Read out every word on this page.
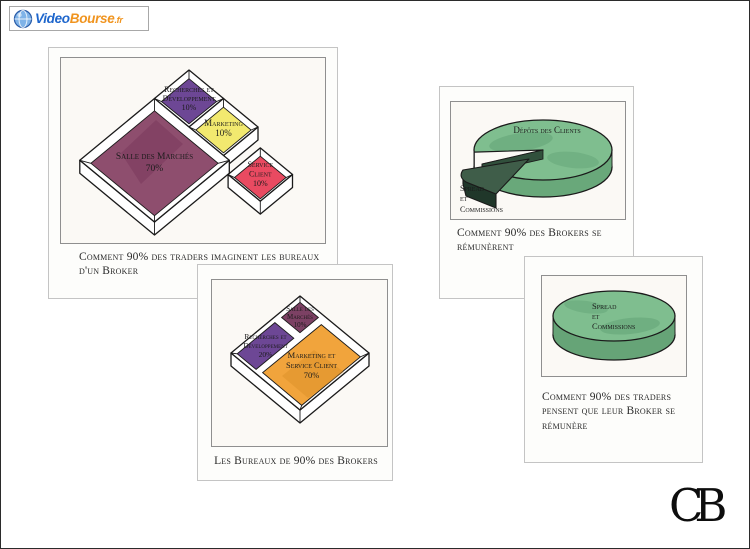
VideoBourse.fr
Recherches et
Développement
10%
Marketing
10%
Salle des Marchés
70%	Service
Client
10%

Comment 90% des traders imaginent les bureaux
d'un Broker

Dépôts des Clients
Spread
et
Commissions

Comment 90% des Brokers se
rémunèrent

Salle des
Marchés
10%
Recherches et
Développement
20% Marketing et
Service Client
70%

Les Bureaux de 90% des Brokers

Spread
et
Commissions

Comment 90% des traders
pensent que leur Broker se
rémunère

CB
